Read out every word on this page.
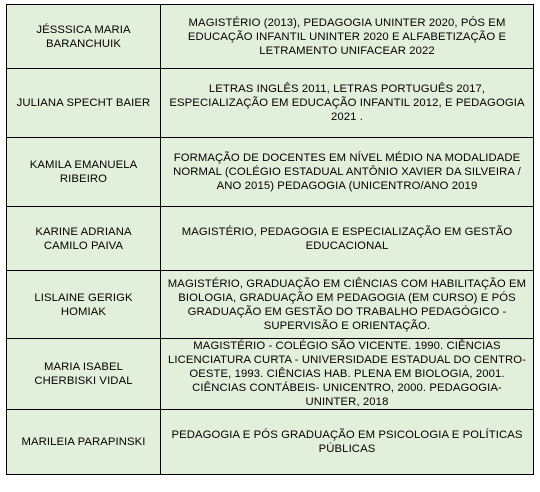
JÉSSSICA MARIA BARANCHUIK	MAGISTÉRIO (2013), PEDAGOGIA UNINTER 2020, PÓS EM EDUCAÇÃO INFANTIL UNINTER 2020 E ALFABETIZAÇÃO E LETRAMENTO UNIFACEAR 2022
JULIANA SPECHT BAIER	LETRAS INGLÊS 2011, LETRAS PORTUGUÊS 2017, ESPECIALIZAÇÃO EM EDUCAÇÃO INFANTIL 2012, E PEDAGOGIA 2021 .
KAMILA EMANUELA RIBEIRO	FORMAÇÃO DE DOCENTES EM NÍVEL MÉDIO NA MODALIDADE NORMAL (COLÉGIO ESTADUAL ANTÔNIO XAVIER DA SILVEIRA / ANO 2015) PEDAGOGIA (UNICENTRO/ANO 2019
KARINE ADRIANA CAMILO PAIVA	MAGISTÉRIO, PEDAGOGIA E ESPECIALIZAÇÃO EM GESTÃO EDUCACIONAL
LISLAINE GERIGK HOMIAK	MAGISTÉRIO, GRADUAÇÃO EM CIÊNCIAS COM HABILITAÇÃO EM BIOLOGIA, GRADUAÇÃO EM PEDAGOGIA (EM CURSO) E PÓS GRADUAÇÃO EM GESTÃO DO TRABALHO PEDAGÓGICO - SUPERVISÃO E ORIENTAÇÃO.
MARIA ISABEL CHERBISKI VIDAL	MAGISTÉRIO - COLÉGIO SÃO VICENTE. 1990. CIÊNCIAS LICENCIATURA CURTA - UNIVERSIDADE ESTADUAL DO CENTRO- OESTE, 1993. CIÊNCIAS HAB. PLENA EM BIOLOGIA, 2001. CIÊNCIAS CONTÁBEIS- UNICENTRO, 2000. PEDAGOGIA- UNINTER, 2018
MARILEIA PARAPINSKI	PEDAGOGIA E PÓS GRADUAÇÃO EM PSICOLOGIA E POLÍTICAS PÚBLICAS
